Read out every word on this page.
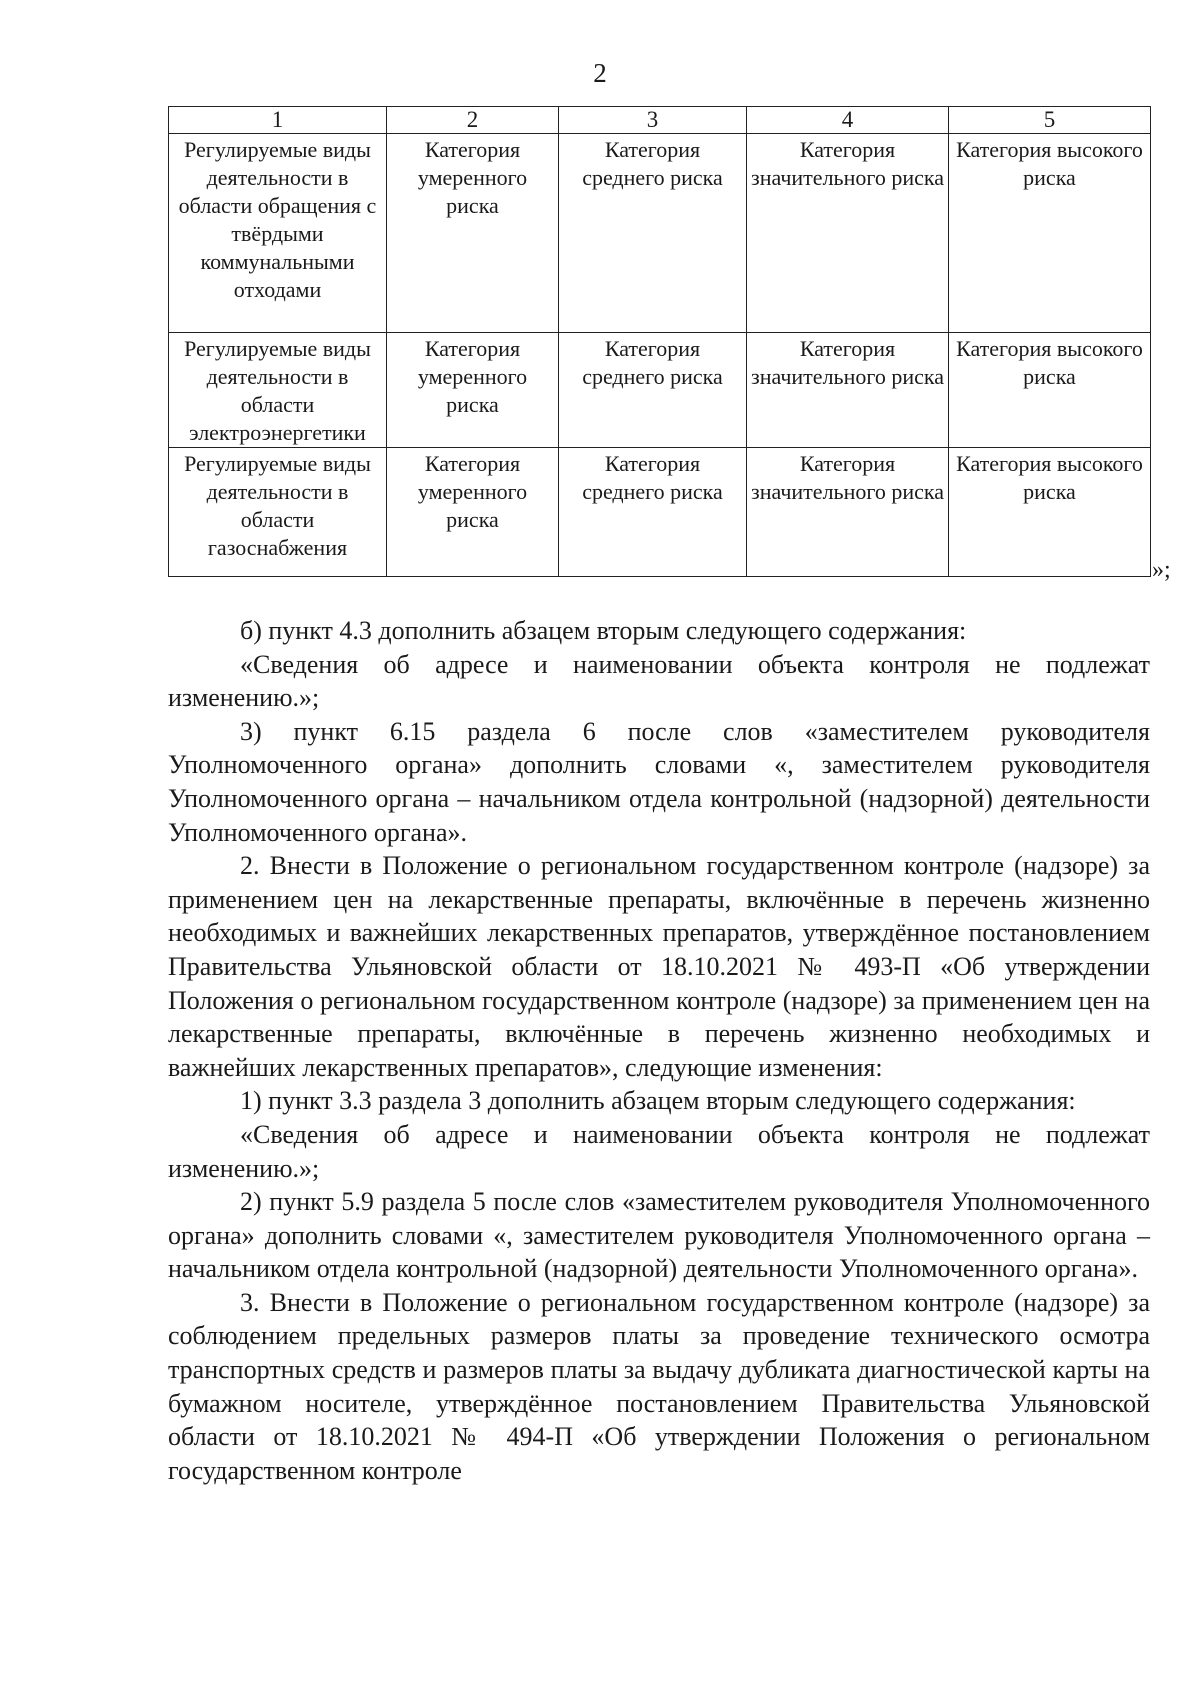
2
1	2	3	4	5
Регулируемые виды деятельности в области обращения с твёрдыми коммунальными отходами	Категория умеренного риска	Категория среднего риска	Категория значительного риска	Категория высокого риска
Регулируемые виды деятельности в области электроэнергетики	Категория умеренного риска	Категория среднего риска	Категория значительного риска	Категория высокого риска
Регулируемые виды деятельности в области газоснабжения	Категория умеренного риска	Категория среднего риска	Категория значительного риска	Категория высокого риска
»;

б) пункт 4.3 дополнить абзацем вторым следующего содержания:

«Сведения об адресе и наименовании объекта контроля не подлежат изменению.»;

3) пункт 6.15 раздела 6 после слов «заместителем руководителя Уполномоченного органа» дополнить словами «, заместителем руководителя Уполномоченного органа – начальником отдела контрольной (надзорной) деятельности Уполномоченного органа».

2. Внести в Положение о региональном государственном контроле (надзоре) за применением цен на лекарственные препараты, включённые в перечень жизненно необходимых и важнейших лекарственных препаратов, утверждённое постановлением Правительства Ульяновской области от 18.10.2021 № 493-П «Об утверждении Положения о региональном государственном контроле (надзоре) за применением цен на лекарственные препараты, включённые в перечень жизненно необходимых и важнейших лекарственных препаратов», следующие изменения:

1) пункт 3.3 раздела 3 дополнить абзацем вторым следующего содержания:

«Сведения об адресе и наименовании объекта контроля не подлежат изменению.»;

2) пункт 5.9 раздела 5 после слов «заместителем руководителя Уполномоченного органа» дополнить словами «, заместителем руководителя Уполномоченного органа – начальником отдела контрольной (надзорной) деятельности Уполномоченного органа».

3. Внести в Положение о региональном государственном контроле (надзоре) за соблюдением предельных размеров платы за проведение технического осмотра транспортных средств и размеров платы за выдачу дубликата диагностической карты на бумажном носителе, утверждённое постановлением Правительства Ульяновской области от 18.10.2021 № 494-П «Об утверждении Положения о региональном государственном контроле
